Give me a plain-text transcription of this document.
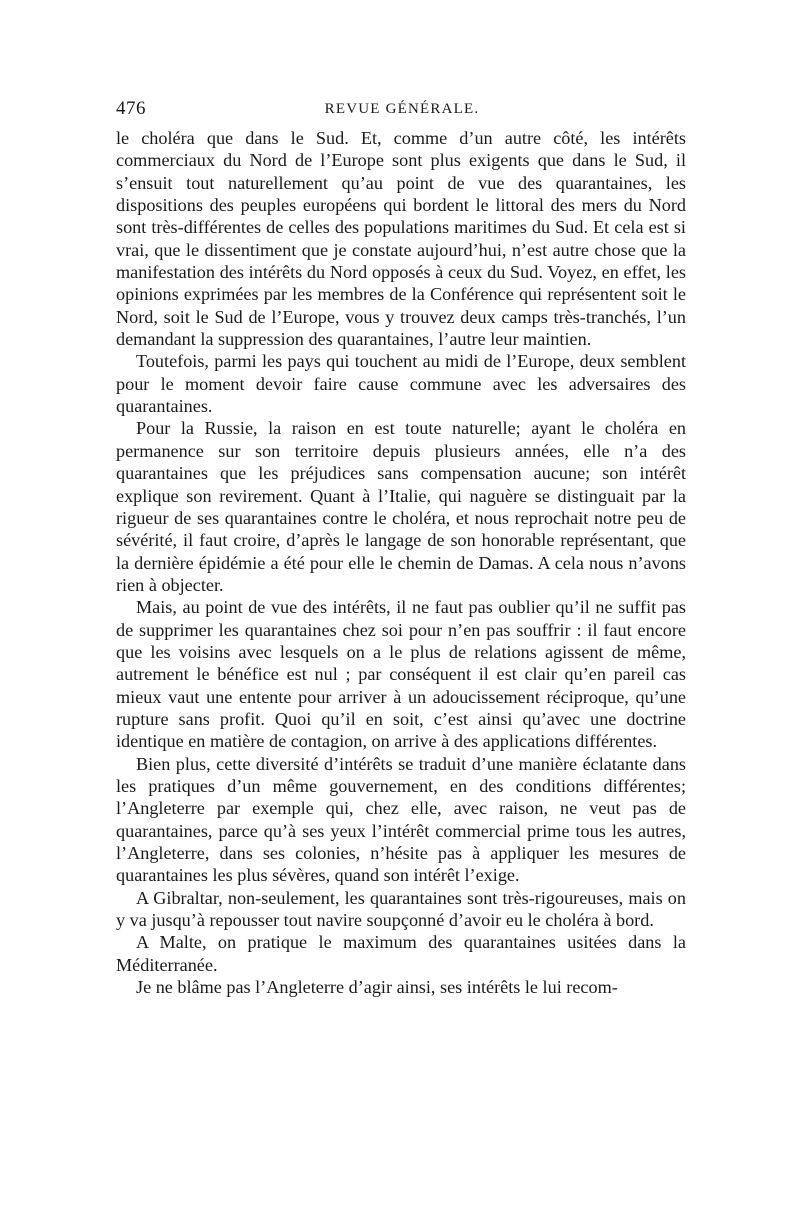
476	REVUE GÉNÉRALE.

le choléra que dans le Sud. Et, comme d’un autre côté, les intérêts commerciaux du Nord de l’Europe sont plus exigents que dans le Sud, il s’ensuit tout naturellement qu’au point de vue des quarantaines, les dispositions des peuples européens qui bordent le littoral des mers du Nord sont très-différentes de celles des populations maritimes du Sud. Et cela est si vrai, que le dissentiment que je constate aujourd’hui, n’est autre chose que la manifestation des intérêts du Nord opposés à ceux du Sud. Voyez, en effet, les opinions exprimées par les membres de la Conférence qui représentent soit le Nord, soit le Sud de l’Europe, vous y trouvez deux camps très-tranchés, l’un demandant la suppression des quarantaines, l’autre leur maintien.

Toutefois, parmi les pays qui touchent au midi de l’Europe, deux semblent pour le moment devoir faire cause commune avec les adversaires des quarantaines.

Pour la Russie, la raison en est toute naturelle; ayant le choléra en permanence sur son territoire depuis plusieurs années, elle n’a des quarantaines que les préjudices sans compensation aucune; son intérêt explique son revirement. Quant à l’Italie, qui naguère se distinguait par la rigueur de ses quarantaines contre le choléra, et nous reprochait notre peu de sévérité, il faut croire, d’après le langage de son honorable représentant, que la dernière épidémie a été pour elle le chemin de Damas. A cela nous n’avons rien à objecter.

Mais, au point de vue des intérêts, il ne faut pas oublier qu’il ne suffit pas de supprimer les quarantaines chez soi pour n’en pas souffrir : il faut encore que les voisins avec lesquels on a le plus de relations agissent de même, autrement le bénéfice est nul ; par conséquent il est clair qu’en pareil cas mieux vaut une entente pour arriver à un adoucissement réciproque, qu’une rupture sans profit. Quoi qu’il en soit, c’est ainsi qu’avec une doctrine identique en matière de contagion, on arrive à des applications différentes.

Bien plus, cette diversité d’intérêts se traduit d’une manière éclatante dans les pratiques d’un même gouvernement, en des conditions différentes; l’Angleterre par exemple qui, chez elle, avec raison, ne veut pas de quarantaines, parce qu’à ses yeux l’intérêt commercial prime tous les autres, l’Angleterre, dans ses colonies, n’hésite pas à appliquer les mesures de quarantaines les plus sévères, quand son intérêt l’exige.

A Gibraltar, non-seulement, les quarantaines sont très-rigoureuses, mais on y va jusqu’à repousser tout navire soupçonné d’avoir eu le choléra à bord.

A Malte, on pratique le maximum des quarantaines usitées dans la Méditerranée.

Je ne blâme pas l’Angleterre d’agir ainsi, ses intérêts le lui recom-
